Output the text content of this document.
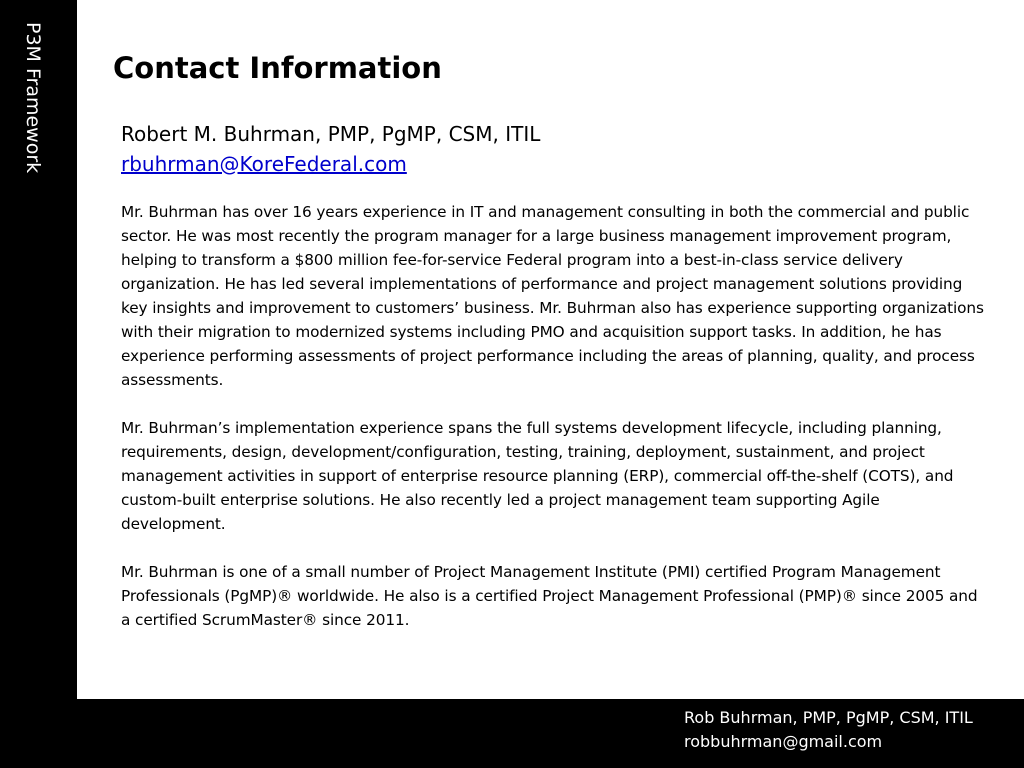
P3M Framework Contact Information
Robert M. Buhrman, PMP, PgMP, CSM, ITIL
rbuhrman@KoreFederal.com

Mr. Buhrman has over 16 years experience in IT and management consulting in both the commercial and public sector. He was most recently the program manager for a large business management improvement program, helping to transform a $800 million fee-for-service Federal program into a best-in-class service delivery organization. He has led several implementations of performance and project management solutions providing key insights and improvement to customers’ business. Mr. Buhrman also has experience supporting organizations with their migration to modernized systems including PMO and acquisition support tasks. In addition, he has experience performing assessments of project performance including the areas of planning, quality, and process assessments.

Mr. Buhrman’s implementation experience spans the full systems development lifecycle, including planning, requirements, design, development/configuration, testing, training, deployment, sustainment, and project management activities in support of enterprise resource planning (ERP), commercial off-the-shelf (COTS), and custom-built enterprise solutions. He also recently led a project management team supporting Agile development.

Mr. Buhrman is one of a small number of Project Management Institute (PMI) certified Program Management Professionals (PgMP)® worldwide. He also is a certified Project Management Professional (PMP)® since 2005 and a certified ScrumMaster® since 2011.

Rob Buhrman, PMP, PgMP, CSM, ITIL
robbuhrman@gmail.com
